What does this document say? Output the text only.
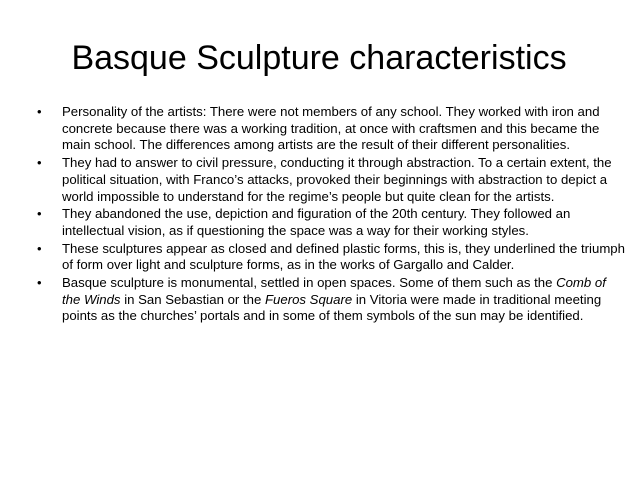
Basque Sculpture characteristics
• Personality of the artists: There were not members of any school. They worked with iron and concrete because there was a working tradition, at once with craftsmen and this became the main school. The differences among artists are the result of their different personalities.
• They had to answer to civil pressure, conducting it through abstraction. To a certain extent, the political situation, with Franco’s attacks, provoked their beginnings with abstraction to depict a world impossible to understand for the regime’s people but quite clean for the artists.
• They abandoned the use, depiction and figuration of the 20th century. They followed an intellectual vision, as if questioning the space was a way for their working styles.
• These sculptures appear as closed and defined plastic forms, this is, they underlined the triumph of form over light and sculpture forms, as in the works of Gargallo and Calder.
• Basque sculpture is monumental, settled in open spaces. Some of them such as the Comb of the Winds in San Sebastian or the Fueros Square in Vitoria were made in traditional meeting points as the churches’ portals and in some of them symbols of the sun may be identified.
